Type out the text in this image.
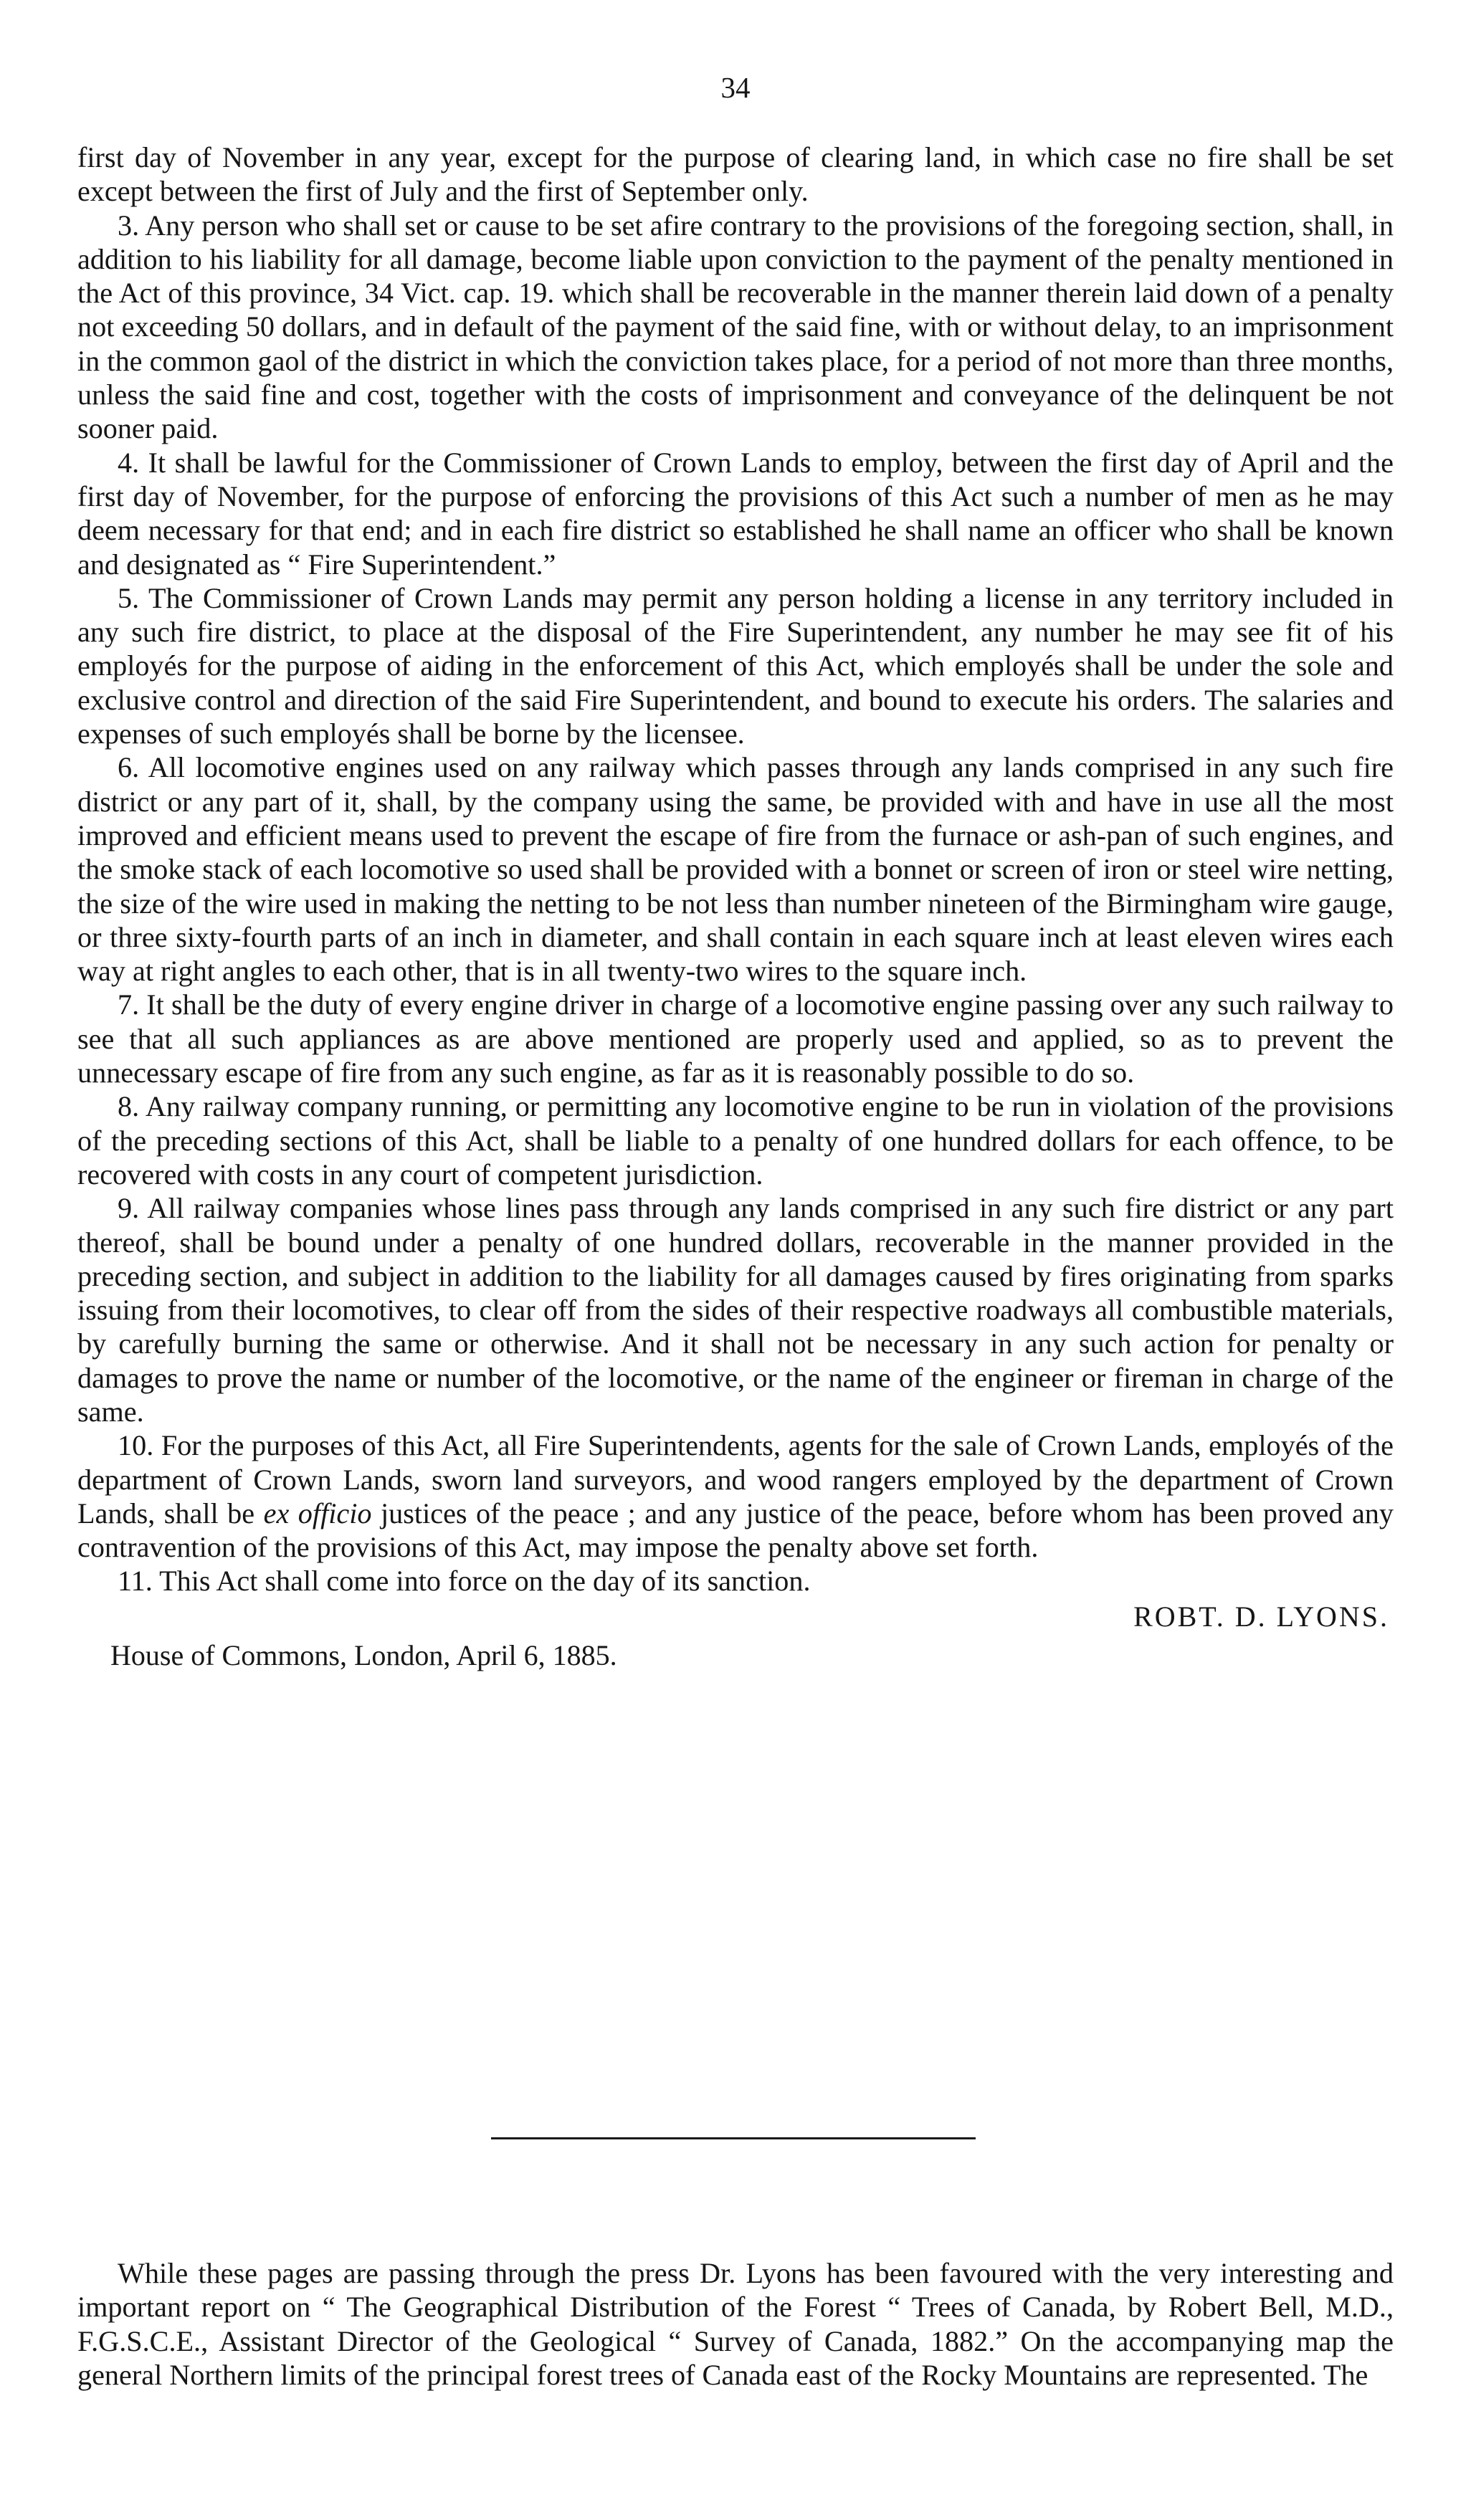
34

first day of November in any year, except for the purpose of clearing land, in which case no fire shall be set except between the first of July and the first of September only.

3. Any person who shall set or cause to be set afire contrary to the provisions of the foregoing section, shall, in addition to his liability for all damage, become liable upon conviction to the payment of the penalty mentioned in the Act of this province, 34 Vict. cap. 19. which shall be recoverable in the manner therein laid down of a penalty not exceeding 50 dollars, and in default of the payment of the said fine, with or without delay, to an imprisonment in the common gaol of the district in which the conviction takes place, for a period of not more than three months, unless the said fine and cost, together with the costs of imprisonment and conveyance of the delinquent be not sooner paid.

4. It shall be lawful for the Commissioner of Crown Lands to employ, between the first day of April and the first day of November, for the purpose of enforcing the provisions of this Act such a number of men as he may deem necessary for that end; and in each fire district so established he shall name an officer who shall be known and designated as “ Fire Superintendent.”

5. The Commissioner of Crown Lands may permit any person holding a license in any territory included in any such fire district, to place at the disposal of the Fire Superintendent, any number he may see fit of his employés for the purpose of aiding in the enforcement of this Act, which employés shall be under the sole and exclusive control and direction of the said Fire Superintendent, and bound to execute his orders. The salaries and expenses of such employés shall be borne by the licensee.

6. All locomotive engines used on any railway which passes through any lands comprised in any such fire district or any part of it, shall, by the company using the same, be provided with and have in use all the most improved and efficient means used to prevent the escape of fire from the furnace or ash-pan of such engines, and the smoke stack of each locomotive so used shall be provided with a bonnet or screen of iron or steel wire netting, the size of the wire used in making the netting to be not less than number nineteen of the Birmingham wire gauge, or three sixty-fourth parts of an inch in diameter, and shall contain in each square inch at least eleven wires each way at right angles to each other, that is in all twenty-two wires to the square inch.

7. It shall be the duty of every engine driver in charge of a locomotive engine passing over any such railway to see that all such appliances as are above mentioned are properly used and applied, so as to prevent the unnecessary escape of fire from any such engine, as far as it is reasonably possible to do so.

8. Any railway company running, or permitting any locomotive engine to be run in violation of the provisions of the preceding sections of this Act, shall be liable to a penalty of one hundred dollars for each offence, to be recovered with costs in any court of competent jurisdiction.

9. All railway companies whose lines pass through any lands comprised in any such fire district or any part thereof, shall be bound under a penalty of one hundred dollars, recoverable in the manner provided in the preceding section, and subject in addition to the liability for all damages caused by fires originating from sparks issuing from their locomotives, to clear off from the sides of their respective roadways all combustible materials, by carefully burning the same or otherwise. And it shall not be necessary in any such action for penalty or damages to prove the name or number of the locomotive, or the name of the engineer or fireman in charge of the same.

10. For the purposes of this Act, all Fire Superintendents, agents for the sale of Crown Lands, employés of the department of Crown Lands, sworn land surveyors, and wood rangers employed by the department of Crown Lands, shall be ex officio justices of the peace ; and any justice of the peace, before whom has been proved any contravention of the provisions of this Act, may impose the penalty above set forth.

11. This Act shall come into force on the day of its sanction.

ROBT. D. LYONS.

House of Commons, London, April 6, 1885.

While these pages are passing through the press Dr. Lyons has been favoured with the very interesting and important report on “ The Geographical Distribution of the Forest “ Trees of Canada, by Robert Bell, M.D., F.G.S.C.E., Assistant Director of the Geological “ Survey of Canada, 1882.” On the accompanying map the general Northern limits of the principal forest trees of Canada east of the Rocky Mountains are represented. The
